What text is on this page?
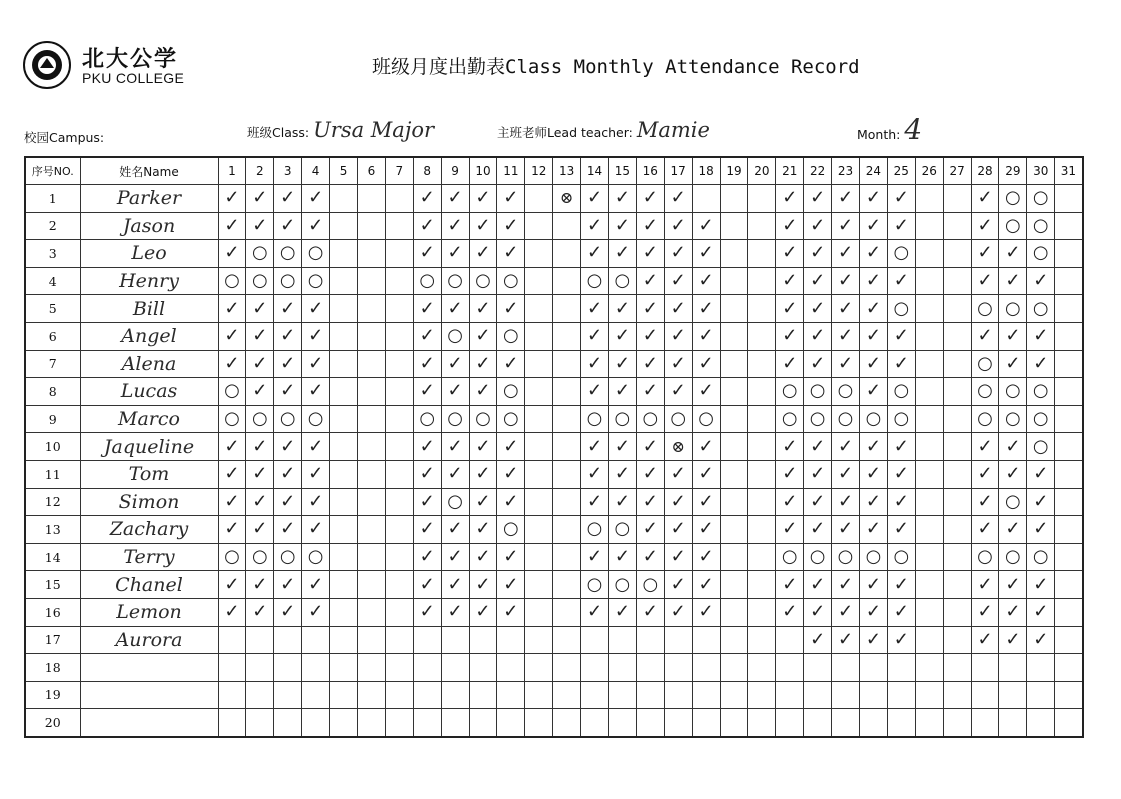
北大公学
PKU COLLEGE	班级月度出勤表Class Monthly Attendance Record
校园Campus:	班级Class: Ursa Major	主班老师Lead teacher: Mamie	Month: 4
序号NO.	姓名Name	1	2	3	4	5	6	7	8	9	10	11	12	13	14	15	16	17	18	19	20	21	22	23	24	25	26	27	28	29	30	31
1	Parker	✓	✓	✓	✓				✓	✓	✓	✓		⊗	✓	✓	✓	✓				✓	✓	✓	✓	✓			✓	○	○	
2	Jason	✓	✓	✓	✓				✓	✓	✓	✓			✓	✓	✓	✓	✓			✓	✓	✓	✓	✓			✓	○	○	
3	Leo	✓	○	○	○				✓	✓	✓	✓			✓	✓	✓	✓	✓			✓	✓	✓	✓	○			✓	✓	○	
4	Henry	○	○	○	○				○	○	○	○			○	○	✓	✓	✓			✓	✓	✓	✓	✓			✓	✓	✓	
5	Bill	✓	✓	✓	✓				✓	✓	✓	✓			✓	✓	✓	✓	✓			✓	✓	✓	✓	○			○	○	○	
6	Angel	✓	✓	✓	✓				✓	○	✓	○			✓	✓	✓	✓	✓			✓	✓	✓	✓	✓			✓	✓	✓	
7	Alena	✓	✓	✓	✓				✓	✓	✓	✓			✓	✓	✓	✓	✓			✓	✓	✓	✓	✓			○	✓	✓	
8	Lucas	○	✓	✓	✓				✓	✓	✓	○			✓	✓	✓	✓	✓			○	○	○	✓	○			○	○	○	
9	Marco	○	○	○	○				○	○	○	○			○	○	○	○	○			○	○	○	○	○			○	○	○	
10	Jaqueline	✓	✓	✓	✓				✓	✓	✓	✓			✓	✓	✓	⊗	✓			✓	✓	✓	✓	✓			✓	✓	○	
11	Tom	✓	✓	✓	✓				✓	✓	✓	✓			✓	✓	✓	✓	✓			✓	✓	✓	✓	✓			✓	✓	✓	
12	Simon	✓	✓	✓	✓				✓	○	✓	✓			✓	✓	✓	✓	✓			✓	✓	✓	✓	✓			✓	○	✓	
13	Zachary	✓	✓	✓	✓				✓	✓	✓	○			○	○	✓	✓	✓			✓	✓	✓	✓	✓			✓	✓	✓	
14	Terry	○	○	○	○				✓	✓	✓	✓			✓	✓	✓	✓	✓			○	○	○	○	○			○	○	○	
15	Chanel	✓	✓	✓	✓				✓	✓	✓	✓			○	○	○	✓	✓			✓	✓	✓	✓	✓			✓	✓	✓	
16	Lemon	✓	✓	✓	✓				✓	✓	✓	✓			✓	✓	✓	✓	✓			✓	✓	✓	✓	✓			✓	✓	✓	
17	Aurora																						✓	✓	✓	✓			✓	✓	✓	
18																																
19																																
20																																
